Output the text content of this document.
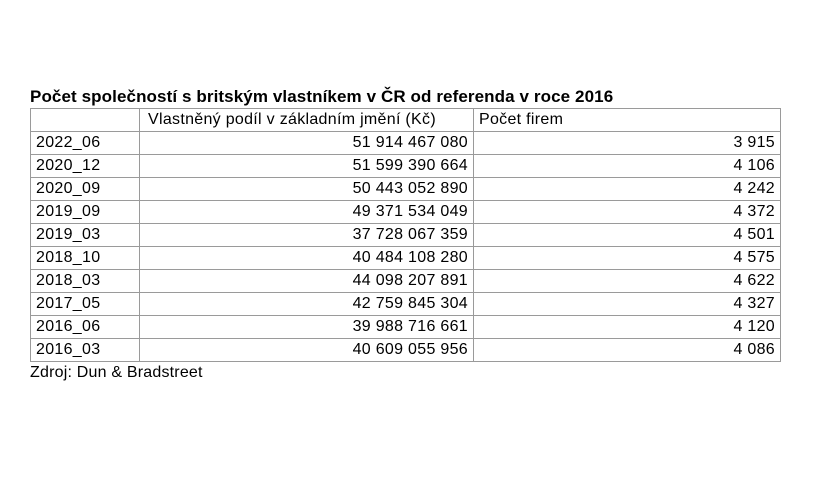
Počet společností s britským vlastníkem v ČR od referenda v roce 2016
	Vlastněný podíl v základním jmění (Kč)	Počet firem
2022_06	51 914 467 080	3 915
2020_12	51 599 390 664	4 106
2020_09	50 443 052 890	4 242
2019_09	49 371 534 049	4 372
2019_03	37 728 067 359	4 501
2018_10	40 484 108 280	4 575
2018_03	44 098 207 891	4 622
2017_05	42 759 845 304	4 327
2016_06	39 988 716 661	4 120
2016_03	40 609 055 956	4 086
Zdroj: Dun & Bradstreet
